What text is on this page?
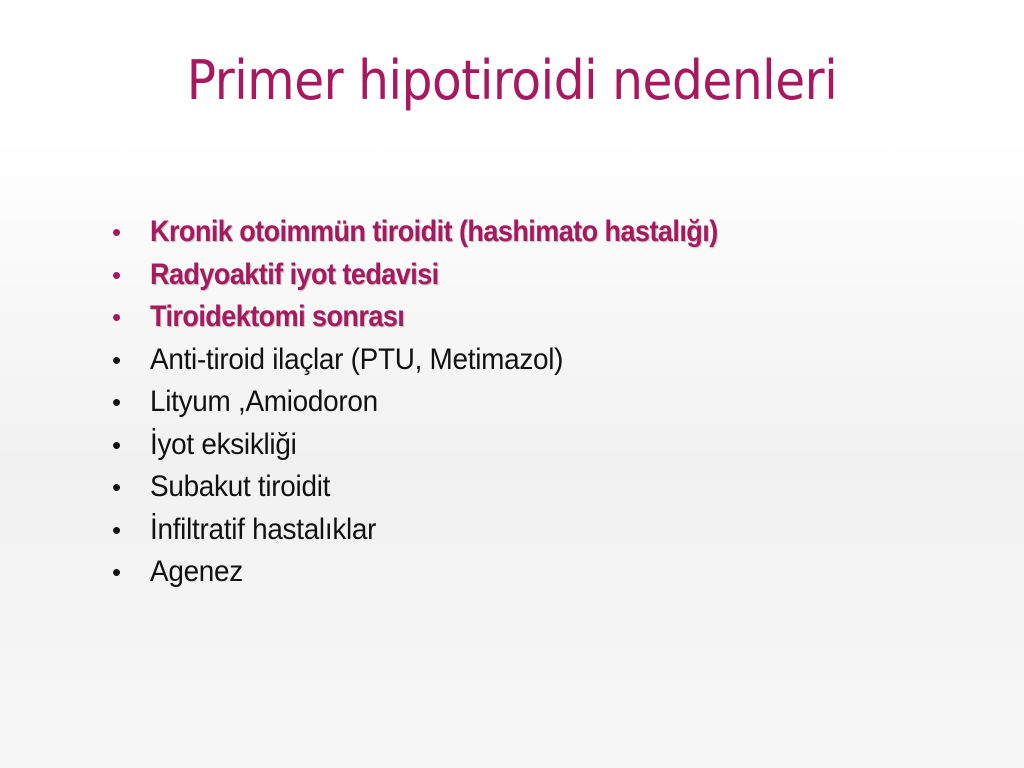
Primer hipotiroidi nedenleri
• Kronik otoimmün tiroidit (hashimato hastalığı)
• Radyoaktif iyot tedavisi
• Tiroidektomi sonrası
• Anti-tiroid ilaçlar (PTU, Metimazol)
• Lityum ,Amiodoron
• İyot eksikliği
• Subakut tiroidit
• İnfiltratif hastalıklar
• Agenez
